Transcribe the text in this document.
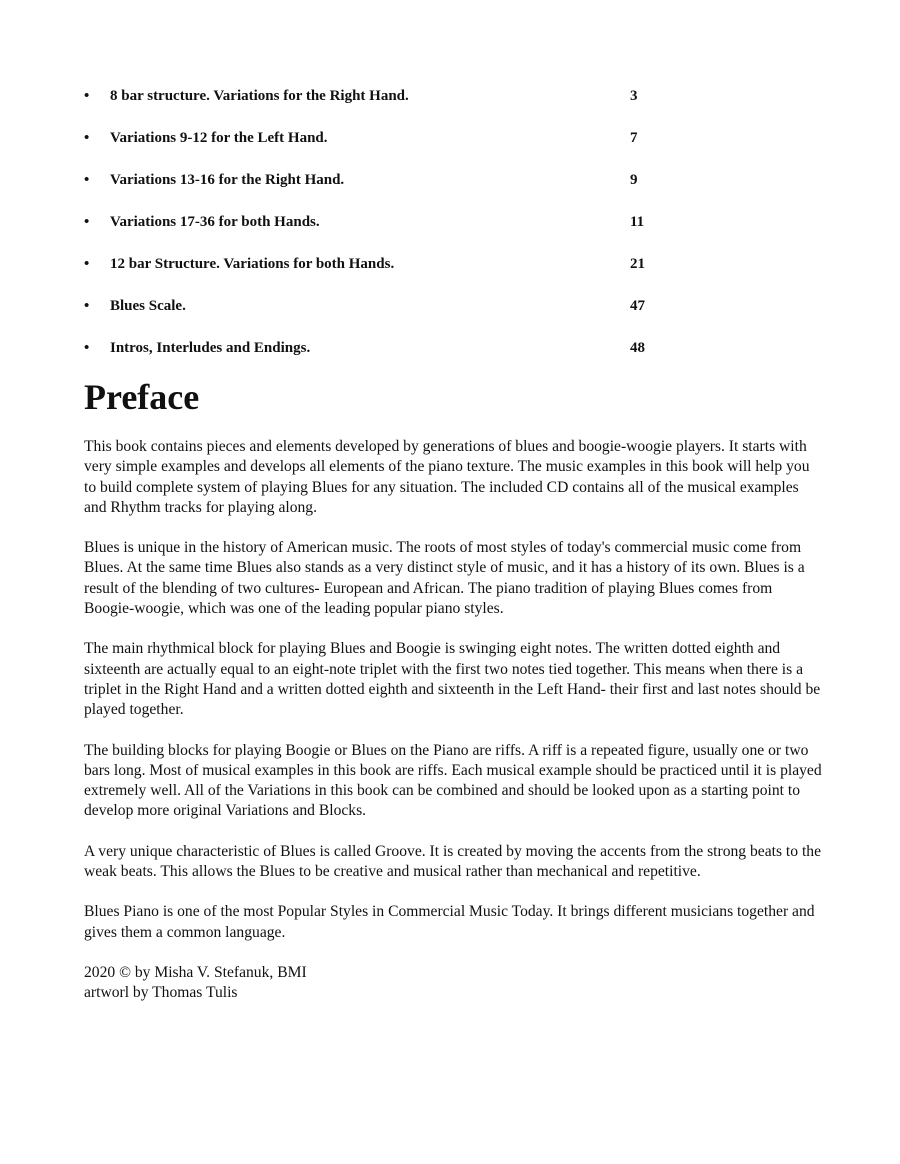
•	8 bar structure. Variations for the Right Hand.	3
•	Variations 9-12 for the Left Hand.	7
•	Variations 13-16 for the Right Hand.	9
•	Variations 17-36 for both Hands.	11
•	12 bar Structure. Variations for both Hands.	21
•	Blues Scale.	47
•	Intros, Interludes and Endings.	48
Preface

This book contains pieces and elements developed by generations of blues and boogie-woogie players. It starts with very simple examples and develops all elements of the piano texture. The music examples in this book will help you to build complete system of playing Blues for any situation. The included CD contains all of the musical examples and Rhythm tracks for playing along.

Blues is unique in the history of American music. The roots of most styles of today's commercial music come from Blues. At the same time Blues also stands as a very distinct style of music, and it has a history of its own. Blues is a result of the blending of two cultures- European and African. The piano tradition of playing Blues comes from Boogie-woogie, which was one of the leading popular piano styles.

The main rhythmical block for playing Blues and Boogie is swinging eight notes. The written dotted eighth and sixteenth are actually equal to an eight-note triplet with the first two notes tied together. This means when there is a triplet in the Right Hand and a written dotted eighth and sixteenth in the Left Hand- their first and last notes should be played together.

The building blocks for playing Boogie or Blues on the Piano are riffs. A riff is a repeated figure, usually one or two bars long. Most of musical examples in this book are riffs. Each musical example should be practiced until it is played extremely well. All of the Variations in this book can be combined and should be looked upon as a starting point to develop more original Variations and Blocks.

A very unique characteristic of Blues is called Groove. It is created by moving the accents from the strong beats to the weak beats. This allows the Blues to be creative and musical rather than mechanical and repetitive.

Blues Piano is one of the most Popular Styles in Commercial Music Today. It brings different musicians together and gives them a common language.

2020 © by Misha V. Stefanuk, BMI
artworl by Thomas Tulis
